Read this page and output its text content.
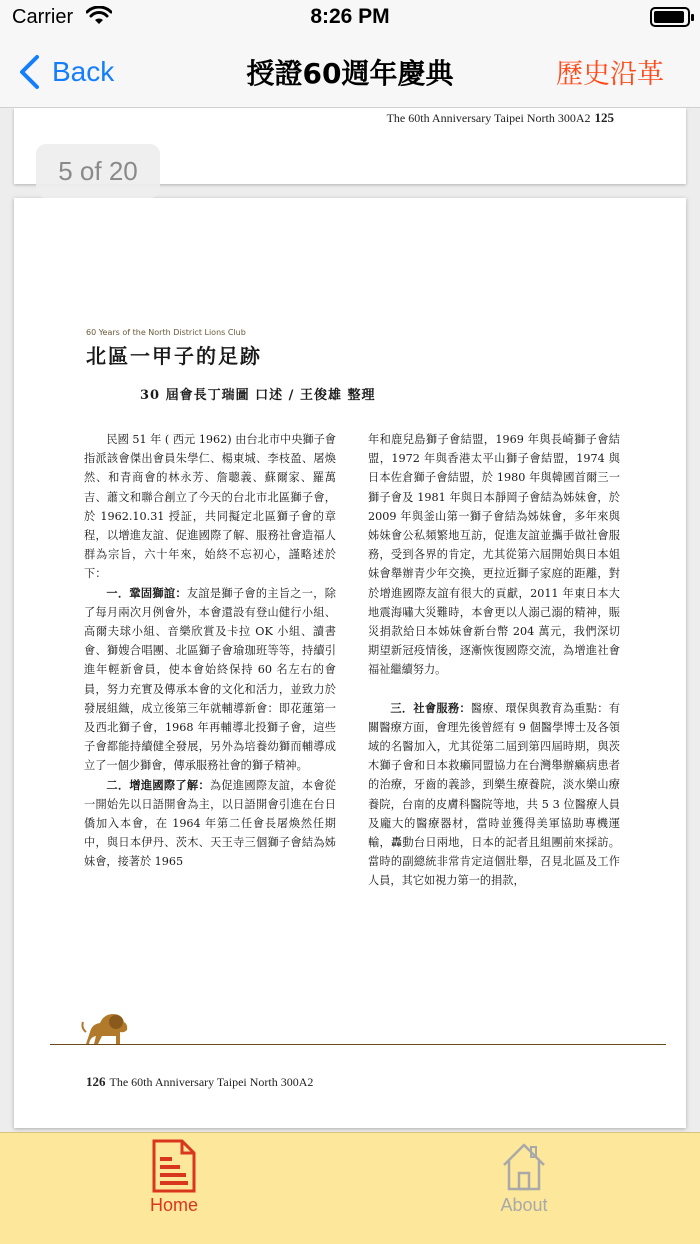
Carrier	8:26 PM
Back	授證60週年慶典	歷史沿革
The 60th Anniversary Taipei North 300A2 125
5 of 20
60 Years of the North District Lions Club
北區一甲子的足跡
30 屆會長丁瑞圖 口述 / 王俊雄 整理

民國 51 年 ( 西元 1962) 由台北市中央獅子會指派該會傑出會員朱學仁、楊東城、李枝盈、屠煥然、和青商會的林永芳、詹聰義、蘇爾家、羅萬吉、蕭文和聯合創立了今天的台北市北區獅子會，於 1962.10.31 授証，共同擬定北區獅子會的章程，以增進友誼、促進國際了解、服務社會造福人群為宗旨，六十年來，始終不忘初心，謹略述於下：

一．鞏固獅誼：友誼是獅子會的主旨之一，除了每月兩次月例會外，本會還設有登山健行小組、高爾夫球小組、音樂欣賞及卡拉 OK 小組、讀書會、獅嫂合唱團、北區獅子會瑜珈班等等，持續引進年輕新會員，使本會始終保持 60 名左右的會員，努力充實及傳承本會的文化和活力，並致力於發展組織，成立後第三年就輔導新會：即花蓮第一及西北獅子會，1968 年再輔導北投獅子會，這些子會都能持續健全發展，另外為培養幼獅而輔導成立了一個少獅會，傳承服務社會的獅子精神。

二．增進國際了解：為促進國際友誼，本會從一開始先以日語開會為主，以日語開會引進在台日僑加入本會，在 1964 年第二任會長屠煥然任期中，與日本伊丹、茨木、天王寺三個獅子會結為姊妹會，接著於 1965

年和鹿兒島獅子會結盟，1969 年與長崎獅子會結盟，1972 年與香港太平山獅子會結盟，1974 與日本佐倉獅子會結盟，於 1980 年與韓國首爾三一獅子會及 1981 年與日本靜岡子會結為姊妹會，於 2009 年與釜山第一獅子會結為姊妹會，多年來與姊妹會公私頻繁地互訪，促進友誼並攜手做社會服務，受到各界的肯定，尤其從第六屆開始與日本姐妹會舉辦青少年交換，更拉近獅子家庭的距離，對於增進國際友誼有很大的貢獻，2011 年東日本大地震海嘯大災難時，本會更以人溺己溺的精神，賑災捐款給日本姊妹會新台幣 204 萬元，我們深切期望新冠疫情後，逐漸恢復國際交流，為增進社會福祉繼續努力。

三．社會服務：醫療、環保與教育為重點：有關醫療方面，會理先後曾經有 9 個醫學博士及各領域的名醫加入，尤其從第二屆到第四屆時期，與茨木獅子會和日本救癩同盟協力在台灣舉辦癩病患者的治療，牙齒的義診，到樂生療養院，淡水樂山療養院，台南的皮膚科醫院等地，共 5 3 位醫療人員及龐大的醫療器材，當時並獲得美軍協助專機運輸，轟動台日兩地，日本的記者且組團前來採訪。當時的副總統非常肯定這個壯舉，召見北區及工作人員，其它如視力第一的捐款，

126 The 60th Anniversary Taipei North 300A2
Home	About
